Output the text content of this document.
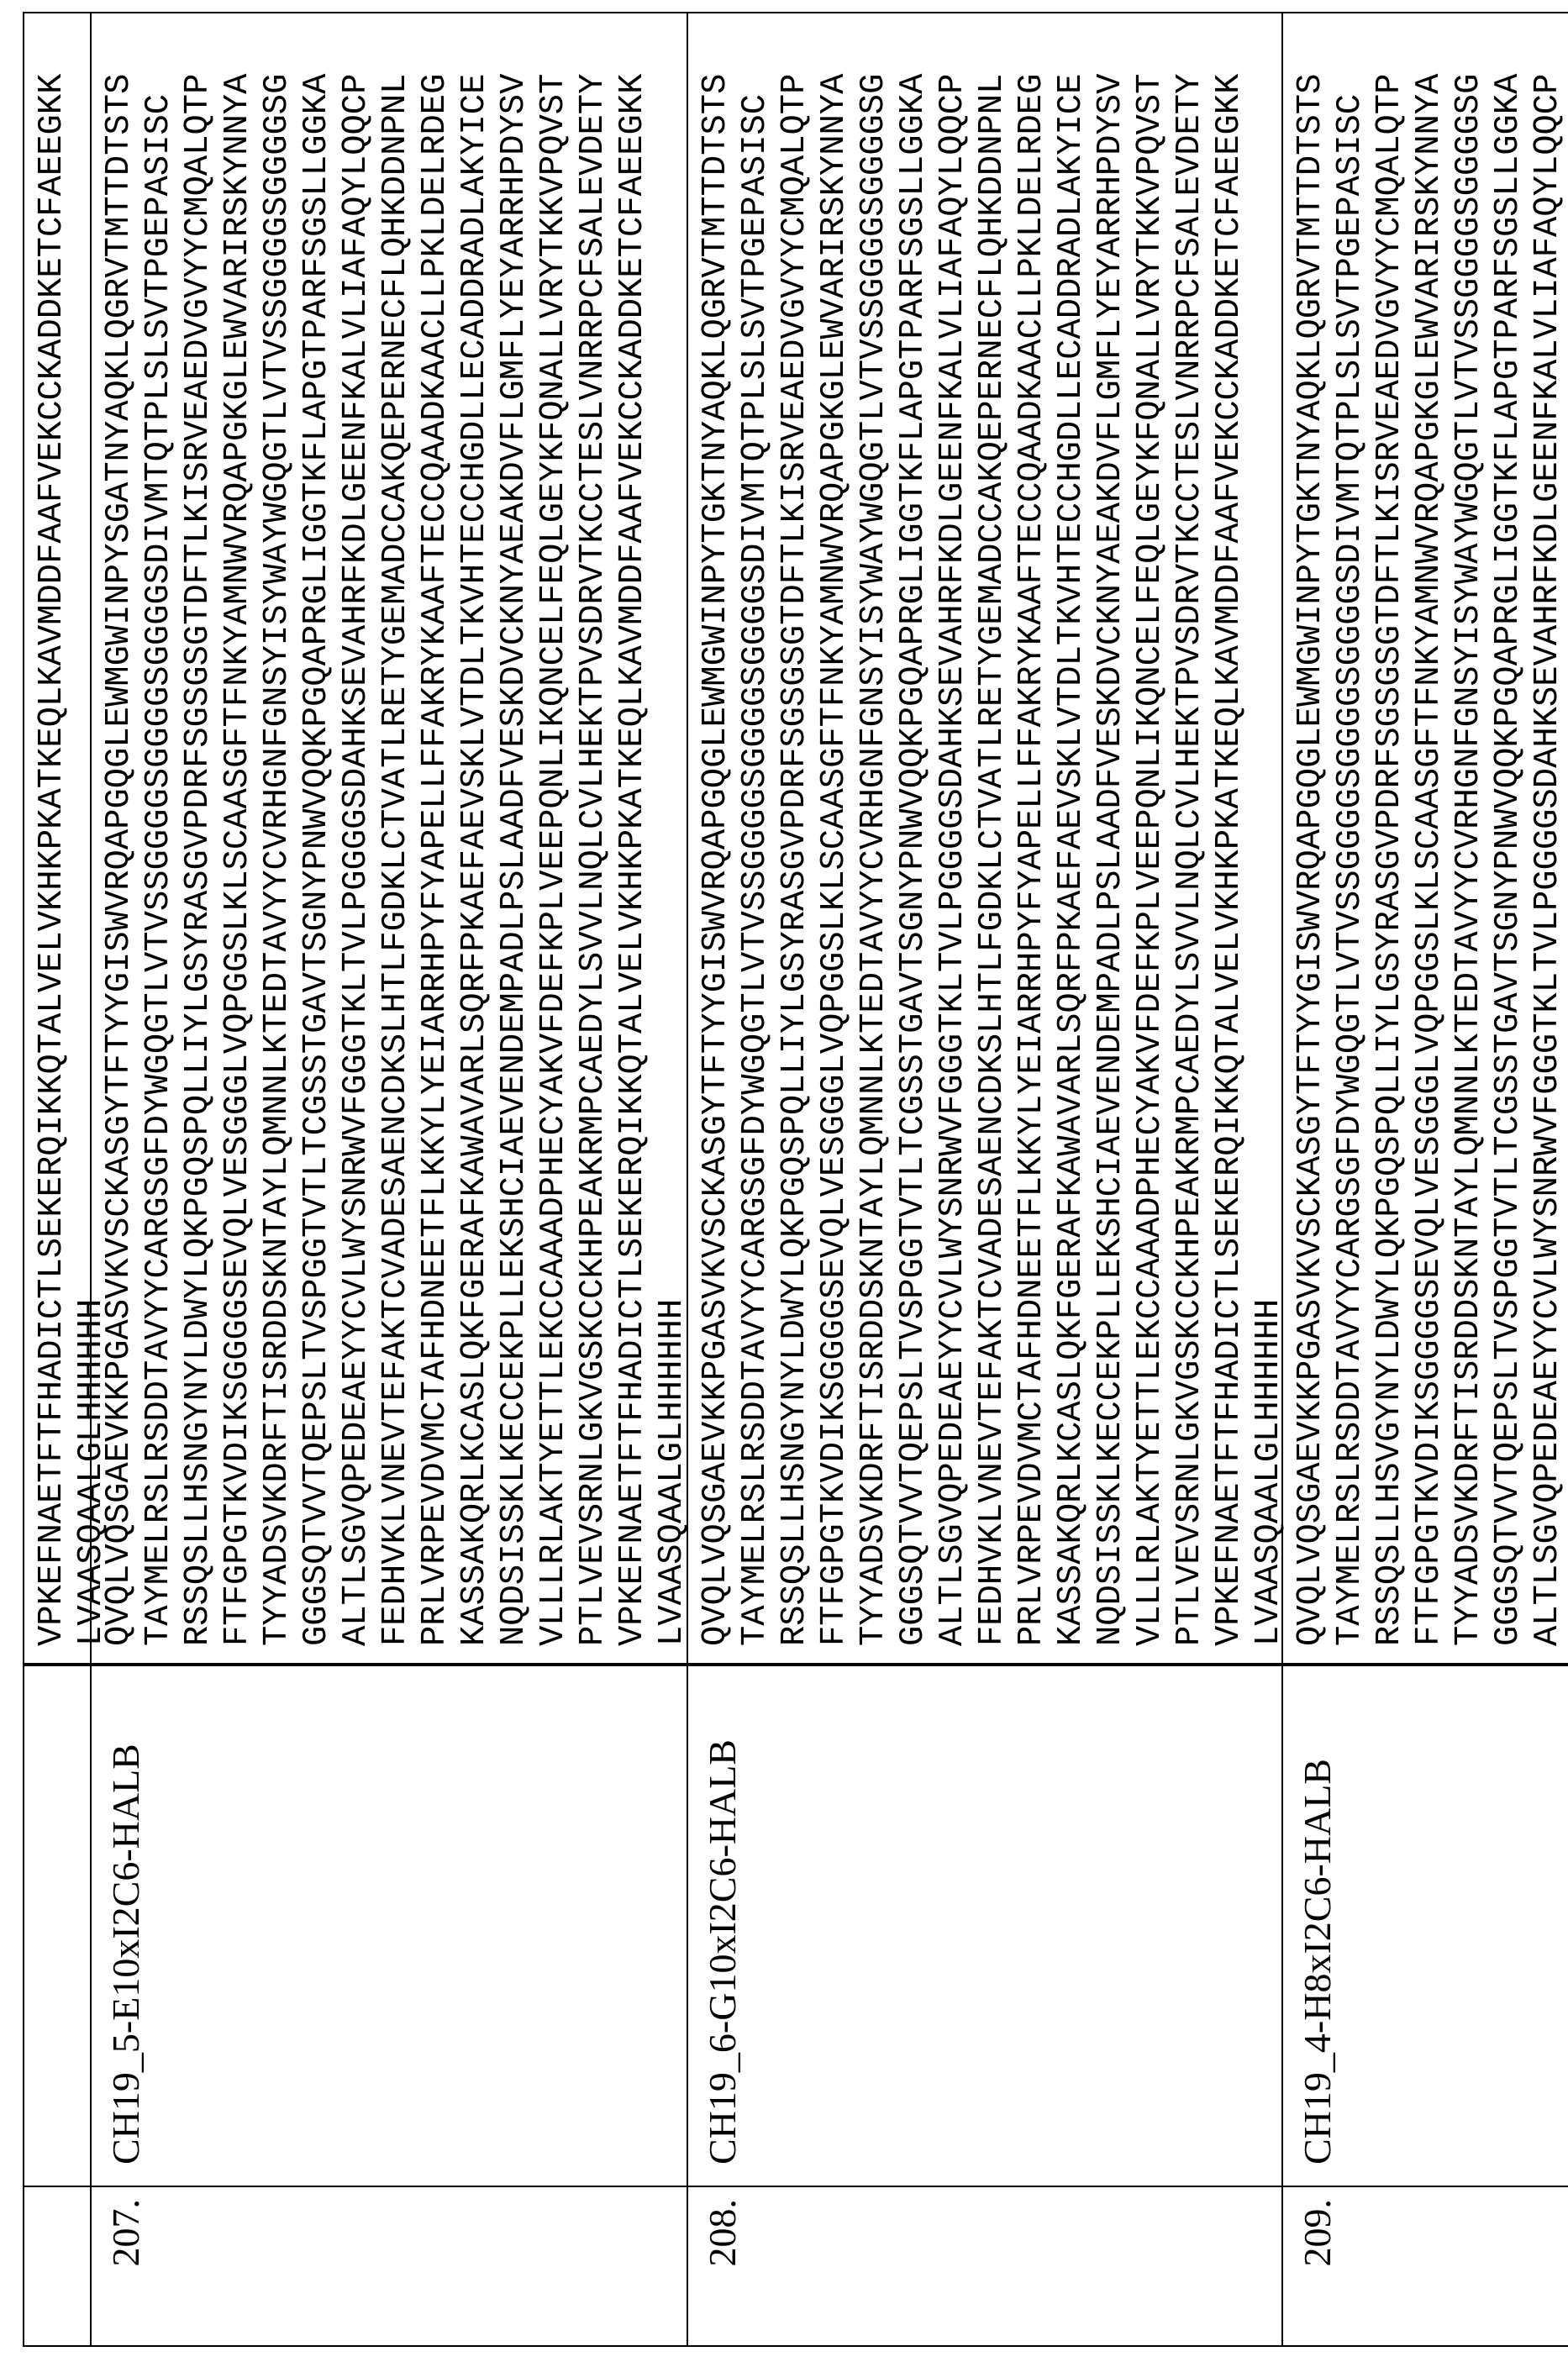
VPKEFNAETFTFHADICTLSEKERQIKKQTALVELVKHKPKATKEQLKAVMDDFAAFVEKCCKADDKETCFAEEGKK LVAASQAALGLHHHHHH
207.
CH19_5-E10xI2C6-HALB
QVQLVQSGAEVKKPGASVKVSCKASGYTFTYYGISWVRQAPGQGLEWMGWINPYSGATNYAQKLQGRVTMTTDTSTS TAYMELRSLRSDDTAVYYCARGSGFDYWGQGTLVTVSSGGGGSGGGGSGGGGSDIVMTQTPLSLSVTPGEPASISC RSSQSLLHSNGYNYLDWYLQKPGQSPQLLIYLGSYRASGVPDRFSGSGSGTDFTLKISRVEAEDVGVYYCMQALQTP FTFGPGTKVDIKSGGGGSEVQLVESGGGLVQPGGSLKLSCAASGFTFNKYAMNWVRQAPGKGLEWVARIRSKYNNYA TYYADSVKDRFTISRDDSKNTAYLQMNNLKTEDTAVYYCVRHGNFGNSYISYWAYWGQGTLVTVSSGGGGSGGGGSG GGGSQTVVTQEPSLTVSPGGTVTLTCGSSTGAVTSGNYPNWVQQKPGQAPRGLIGGTKFLAPGTPARFSGSLLGGKA ALTLSGVQPEDEAEYYCVLWYSNRWVFGGGTKLTVLPGGGGSDAHKSEVAHRFKDLGEENFKALVLIAFAQYLQQCP FEDHVKLVNEVTEFAKTCVADESAENCDKSLHTLFGDKLCTVATLRETYGEMADCCAKQEPERNECFLQHKDDNPNL PRLVRPEVDVMCTAFHDNEETFLKKYLYEIARRHPYFYAPELLFFAKRYKAAFTECCQAADKAACLLPKLDELRDEG KASSAKQRLKCASLQKFGERAFKAWAVARLSQRFPKAEFAEVSKLVTDLTKVHTECCHGDLLECADDRADLAKYICE NQDSISSKLKECCEKPLLEKSHCIAEVENDEMPADLPSLAADFVESKDVCKNYAEAKDVFLGMFLYEYARRHPDYSV VLLLRLAKTYETTLEKCCAAADPHECYAKVFDEFKPLVEEPQNLIKQNCELFEQLGEYKFQNALLVRYTKKVPQVST PTLVEVSRNLGKVGSKCCKHPEAKRMPCAEDYLSVVLNQLCVLHEKTPVSDRVTKCCTESLVNRRPCFSALEVDETY VPKEFNAETFTFHADICTLSEKERQIKKQTALVELVKHKPKATKEQLKAVMDDFAAFVEKCCKADDKETCFAEEGKK LVAASQAALGLHHHHHH
208.
CH19_6-G10xI2C6-HALB
QVQLVQSGAEVKKPGASVKVSCKASGYTFTYYGISWVRQAPGQGLEWMGWINPYTGKTNYAQKLQGRVTMTTDTSTS TAYMELRSLRSDDTAVYYCARGSGFDYWGQGTLVTVSSGGGGSGGGGSGGGGSDIVMTQTPLSLSVTPGEPASISC RSSQSLLHSNGYNYLDWYLQKPGQSPQLLIYLGSYRASGVPDRFSGSGSGTDFTLKISRVEAEDVGVYYCMQALQTP FTFGPGTKVDIKSGGGGSEVQLVESGGGLVQPGGSLKLSCAASGFTFNKYAMNWVRQAPGKGLEWVARIRSKYNNYA TYYADSVKDRFTISRDDSKNTAYLQMNNLKTEDTAVYYCVRHGNFGNSYISYWAYWGQGTLVTVSSGGGGSGGGGSG GGGSQTVVTQEPSLTVSPGGTVTLTCGSSTGAVTSGNYPNWVQQKPGQAPRGLIGGTKFLAPGTPARFSGSLLGGKA ALTLSGVQPEDEAEYYCVLWYSNRWVFGGGTKLTVLPGGGGSDAHKSEVAHRFKDLGEENFKALVLIAFAQYLQQCP FEDHVKLVNEVTEFAKTCVADESAENCDKSLHTLFGDKLCTVATLRETYGEMADCCAKQEPERNECFLQHKDDNPNL PRLVRPEVDVMCTAFHDNEETFLKKYLYEIARRHPYFYAPELLFFAKRYKAAFTECCQAADKAACLLPKLDELRDEG KASSAKQRLKCASLQKFGERAFKAWAVARLSQRFPKAEFAEVSKLVTDLTKVHTECCHGDLLECADDRADLAKYICE NQDSISSKLKECCEKPLLEKSHCIAEVENDEMPADLPSLAADFVESKDVCKNYAEAKDVFLGMFLYEYARRHPDYSV VLLLRLAKTYETTLEKCCAAADPHECYAKVFDEFKPLVEEPQNLIKQNCELFEQLGEYKFQNALLVRYTKKVPQVST PTLVEVSRNLGKVGSKCCKHPEAKRMPCAEDYLSVVLNQLCVLHEKTPVSDRVTKCCTESLVNRRPCFSALEVDETY VPKEFNAETFTFHADICTLSEKERQIKKQTALVELVKHKPKATKEQLKAVMDDFAAFVEKCCKADDKETCFAEEGKK LVAASQAALGLHHHHHH
209.
CH19_4-H8xI2C6-HALB
QVQLVQSGAEVKKPGASVKVSCKASGYTFTYYGISWVRQAPGQGLEWMGWINPYTGKTNYAQKLQGRVTMTTDTSTS TAYMELRSLRSDDTAVYYCARGSGFDYWGQGTLVTVSSGGGGSGGGGSGGGGSDIVMTQTPLSLSVTPGEPASISC RSSQSLLHSVGYNYLDWYLQKPGQSPQLLIYLGSYRASGVPDRFSGSGSGTDFTLKISRVEAEDVGVYYCMQALQTP FTFGPGTKVDIKSGGGGSEVQLVESGGGLVQPGGSLKLSCAASGFTFNKYAMNWVRQAPGKGLEWVARIRSKYNNYA TYYADSVKDRFTISRDDSKNTAYLQMNNLKTEDTAVYYCVRHGNFGNSYISYWAYWGQGTLVTVSSGGGGSGGGGSG GGGSQTVVTQEPSLTVSPGGTVTLTCGSSTGAVTSGNYPNWVQQKPGQAPRGLIGGTKFLAPGTPARFSGSLLGGKA ALTLSGVQPEDEAEYYCVLWYSNRWVFGGGTKLTVLPGGGGSDAHKSEVAHRFKDLGEENFKALVLIAFAQYLQQCP
